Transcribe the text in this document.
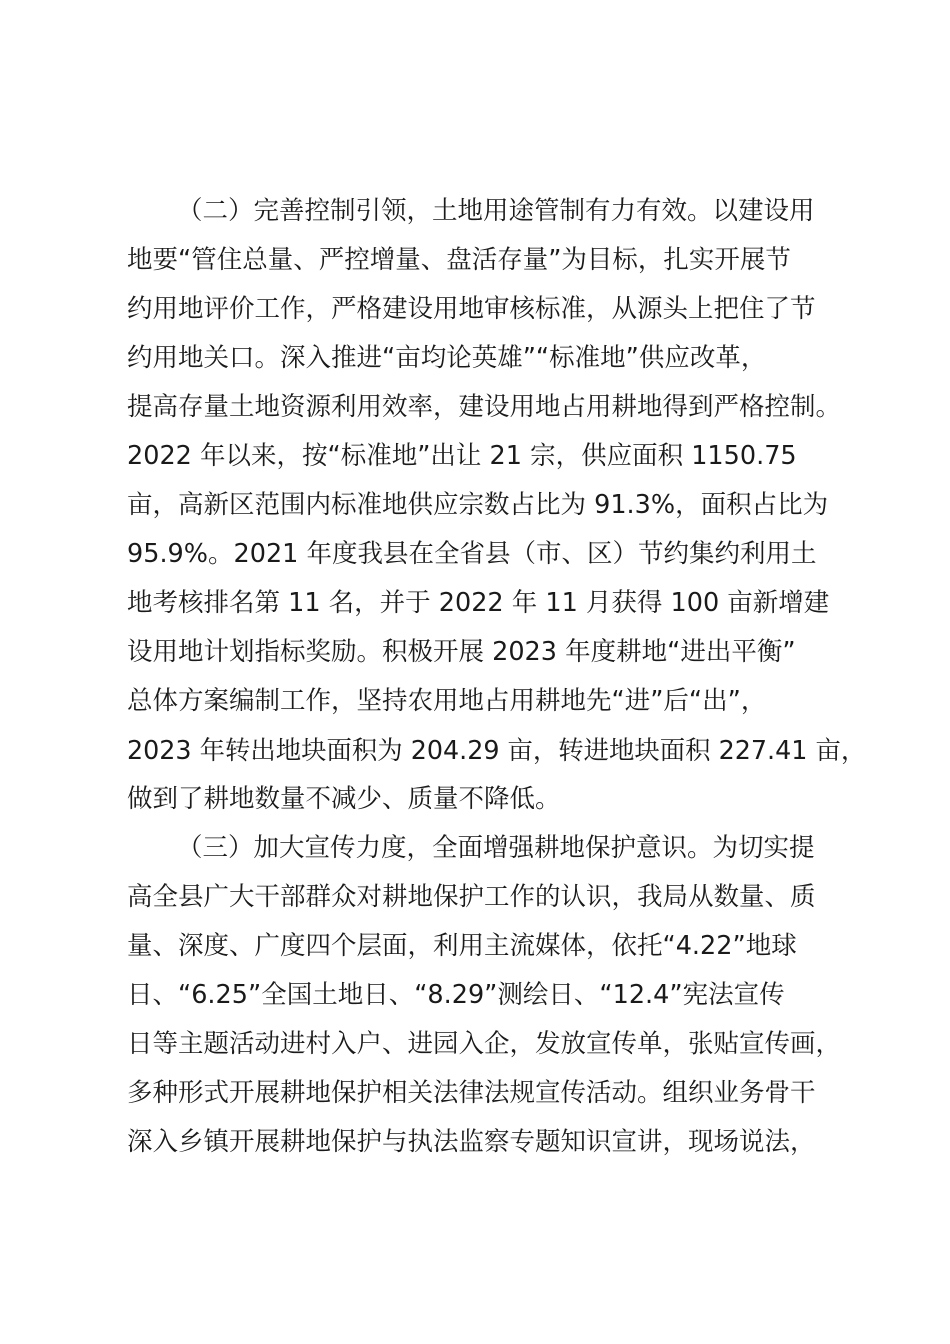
（二）完善控制引领，土地用途管制有力有效。以建设用
地要“管住总量、严控增量、盘活存量”为目标，扎实开展节
约用地评价工作，严格建设用地审核标准，从源头上把住了节
约用地关口。深入推进“亩均论英雄”“标准地”供应改革，
提高存量土地资源利用效率，建设用地占用耕地得到严格控制。
2022 年以来，按“标准地”出让 21 宗，供应面积 1150.75
亩，高新区范围内标准地供应宗数占比为 91.3%，面积占比为
95.9%。2021 年度我县在全省县（市、区）节约集约利用土
地考核排名第 11 名，并于 2022 年 11 月获得 100 亩新增建
设用地计划指标奖励。积极开展 2023 年度耕地“进出平衡”
总体方案编制工作，坚持农用地占用耕地先“进”后“出”，
2023 年转出地块面积为 204.29 亩，转进地块面积 227.41 亩，
做到了耕地数量不减少、质量不降低。
（三）加大宣传力度，全面增强耕地保护意识。为切实提
高全县广大干部群众对耕地保护工作的认识，我局从数量、质
量、深度、广度四个层面，利用主流媒体，依托“4.22”地球
日、“6.25”全国土地日、“8.29”测绘日、“12.4”宪法宣传
日等主题活动进村入户、进园入企，发放宣传单，张贴宣传画，
多种形式开展耕地保护相关法律法规宣传活动。组织业务骨干
深入乡镇开展耕地保护与执法监察专题知识宣讲，现场说法，
